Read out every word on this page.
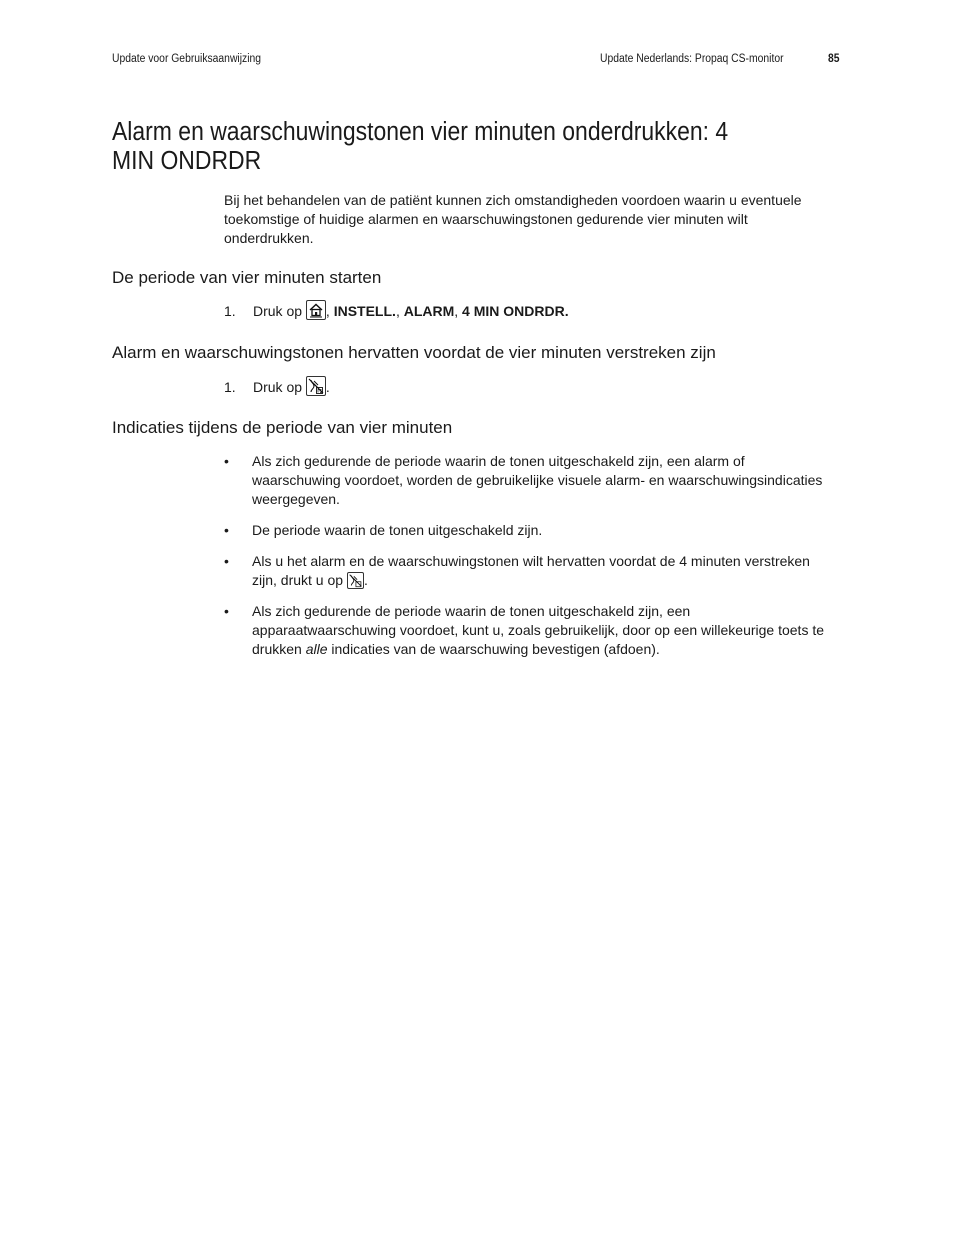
Update voor Gebruiksaanwijzing	Update Nederlands: Propaq CS-monitor	85
Alarm en waarschuwingstonen vier minuten onderdrukken: 4 MIN ONDRDR

Bij het behandelen van de patiënt kunnen zich omstandigheden voordoen waarin u eventuele toekomstige of huidige alarmen en waarschuwingstonen gedurende vier minuten wilt onderdrukken.

De periode van vier minuten starten
1. Druk op , INSTELL., ALARM, 4 MIN ONDRDR.
Alarm en waarschuwingstonen hervatten voordat de vier minuten verstreken zijn
1. Druk op .
Indicaties tijdens de periode van vier minuten
• Als zich gedurende de periode waarin de tonen uitgeschakeld zijn, een alarm of waarschuwing voordoet, worden de gebruikelijke visuele alarm- en waarschuwingsindicaties weergegeven.
• De periode waarin de tonen uitgeschakeld zijn.
• Als u het alarm en de waarschuwingstonen wilt hervatten voordat de 4 minuten verstreken zijn, drukt u op .
• Als zich gedurende de periode waarin de tonen uitgeschakeld zijn, een apparaatwaarschuwing voordoet, kunt u, zoals gebruikelijk, door op een willekeurige toets te drukken alle indicaties van de waarschuwing bevestigen (afdoen).
